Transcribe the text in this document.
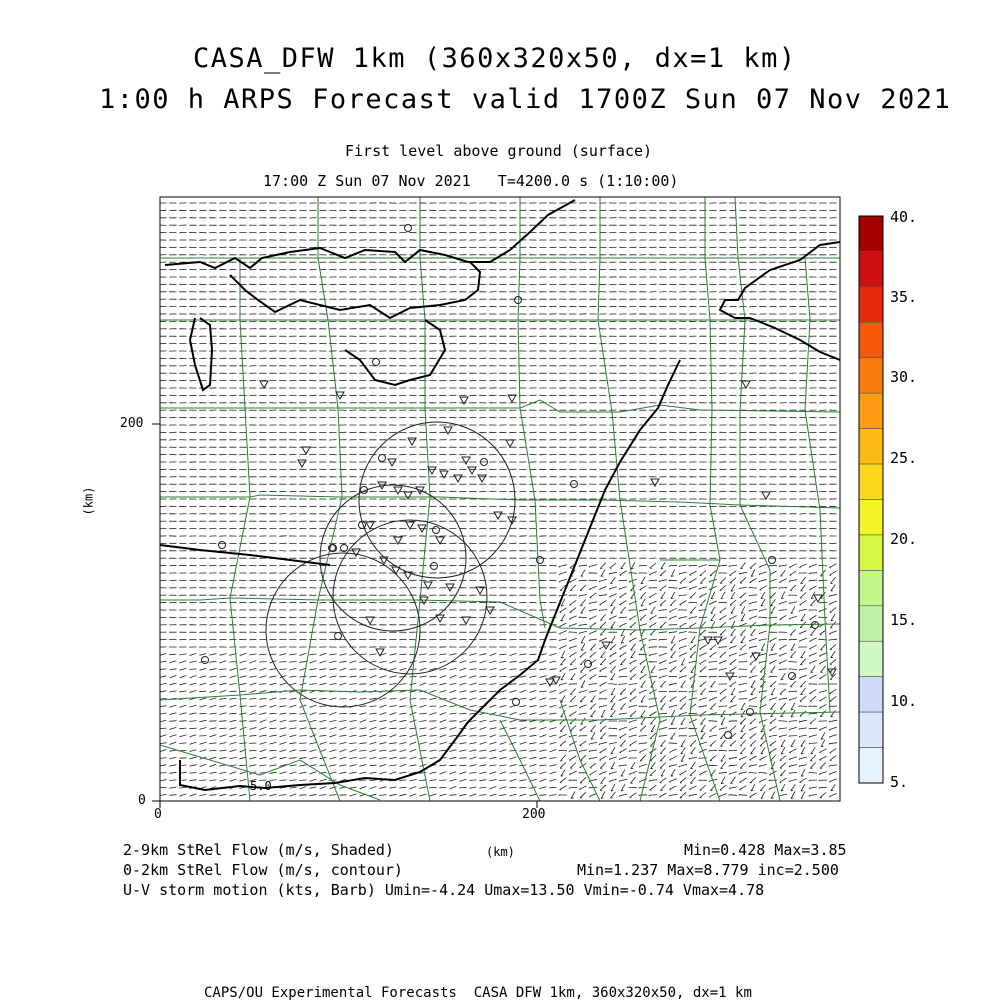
CASA_DFW 1km (360x320x50, dx=1 km)
1:00 h ARPS Forecast valid 1700Z Sun 07 Nov 2021
First level above ground (surface)
17:00 Z Sun 07 Nov 2021   T=4200.0 s (1:10:00)
5.0
0	200
0
200
(km)
40.
35.
30.
25.
20.
15.
10.
5.
2-9km StRel Flow (m/s, Shaded)	Min=0.428 Max=3.85
0-2km StRel Flow (m/s, contour)
(km)
Min=1.237 Max=8.779 inc=2.500
U-V storm motion (kts, Barb) Umin=-4.24 Umax=13.50 Vmin=-0.74 Vmax=4.78
CAPS/OU Experimental Forecasts  CASA DFW 1km, 360x320x50, dx=1 km
